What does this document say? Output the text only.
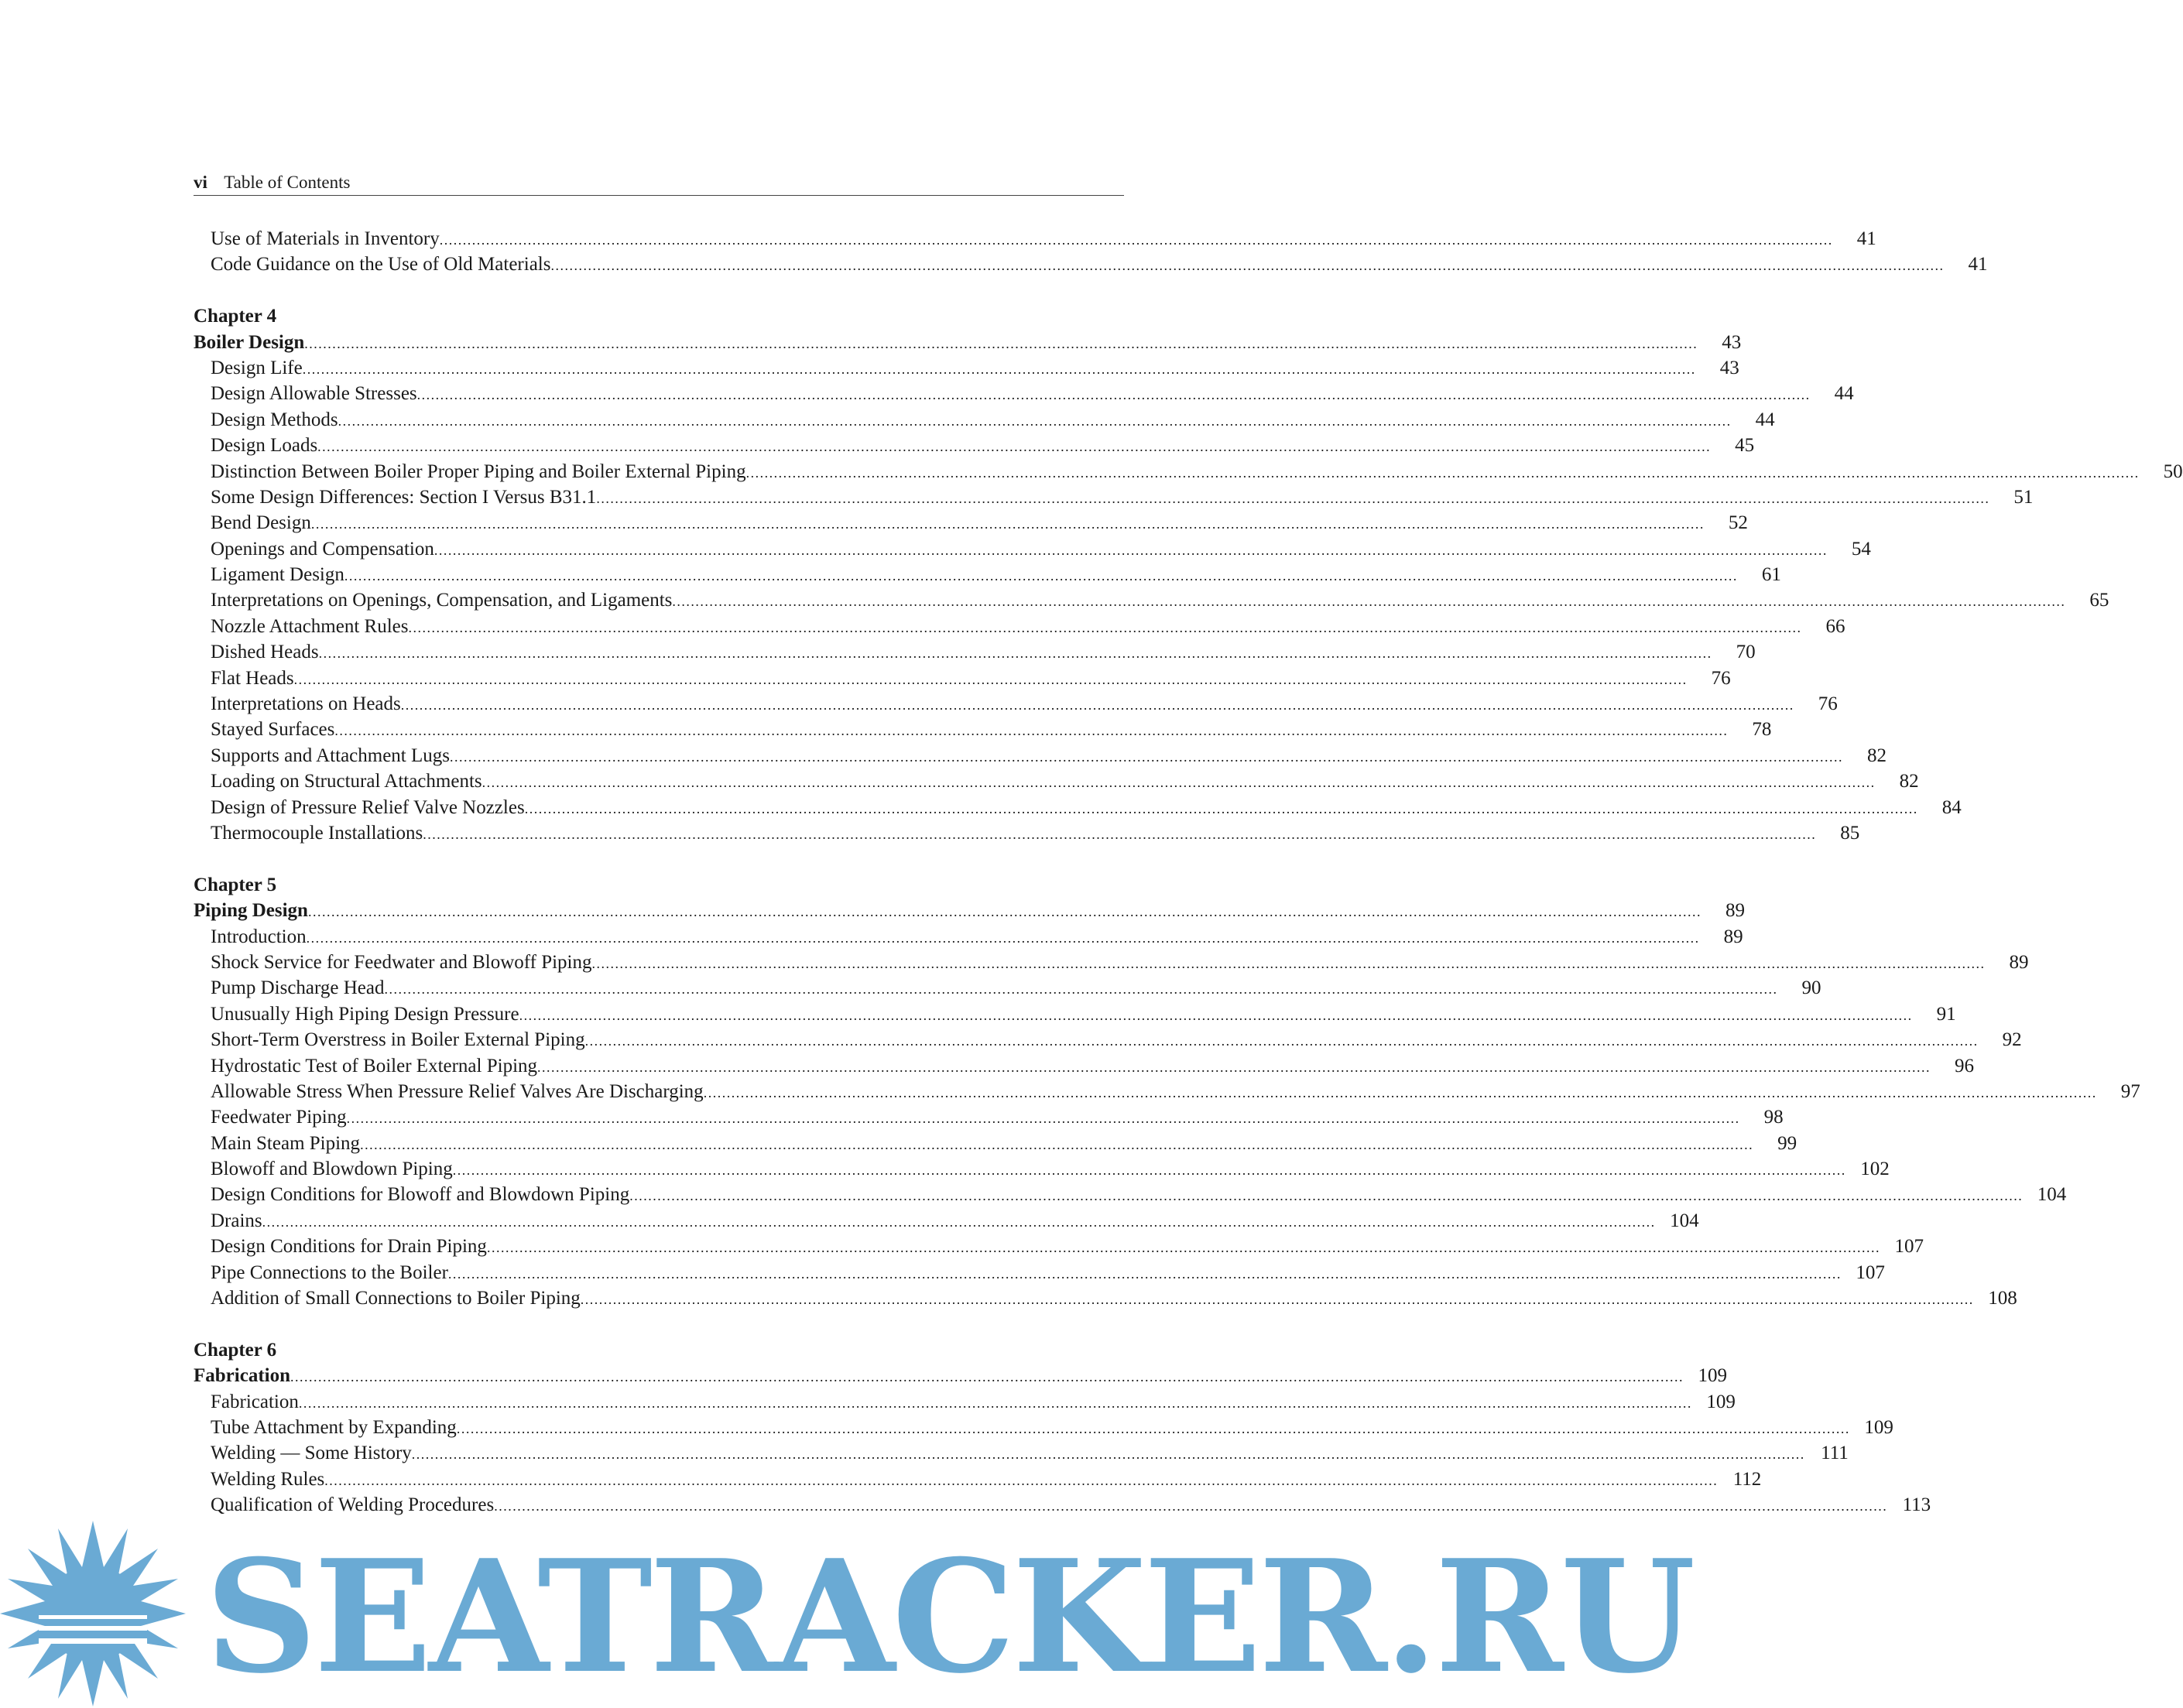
vi Table of Contents
Use of Materials in Inventory .....	41
Code Guidance on the Use of Old Materials .....	41
Chapter 4
Boiler Design .....	43
Design Life .....	43
Design Allowable Stresses .....	44
Design Methods .....	44
Design Loads .....	45
Distinction Between Boiler Proper Piping and Boiler External Piping .....	50
Some Design Differences: Section I Versus B31.1 .....	51
Bend Design .....	52
Openings and Compensation .....	54
Ligament Design .....	61
Interpretations on Openings, Compensation, and Ligaments .....	65
Nozzle Attachment Rules .....	66
Dished Heads .....	70
Flat Heads .....	76
Interpretations on Heads .....	76
Stayed Surfaces .....	78
Supports and Attachment Lugs .....	82
Loading on Structural Attachments .....	82
Design of Pressure Relief Valve Nozzles .....	84
Thermocouple Installations .....	85
Chapter 5
Piping Design .....	89
Introduction .....	89
Shock Service for Feedwater and Blowoff Piping .....	89
Pump Discharge Head .....	90
Unusually High Piping Design Pressure .....	91
Short-Term Overstress in Boiler External Piping .....	92
Hydrostatic Test of Boiler External Piping .....	96
Allowable Stress When Pressure Relief Valves Are Discharging .....	97
Feedwater Piping .....	98
Main Steam Piping .....	99
Blowoff and Blowdown Piping .....	102
Design Conditions for Blowoff and Blowdown Piping .....	104
Drains .....	104
Design Conditions for Drain Piping .....	107
Pipe Connections to the Boiler .....	107
Addition of Small Connections to Boiler Piping .....	108
Chapter 6
Fabrication .....	109
Fabrication .....	109
Tube Attachment by Expanding .....	109
Welding — Some History .....	111
Welding Rules .....	112
Qualification of Welding Procedures .....	113
SEATRACKER.RU
